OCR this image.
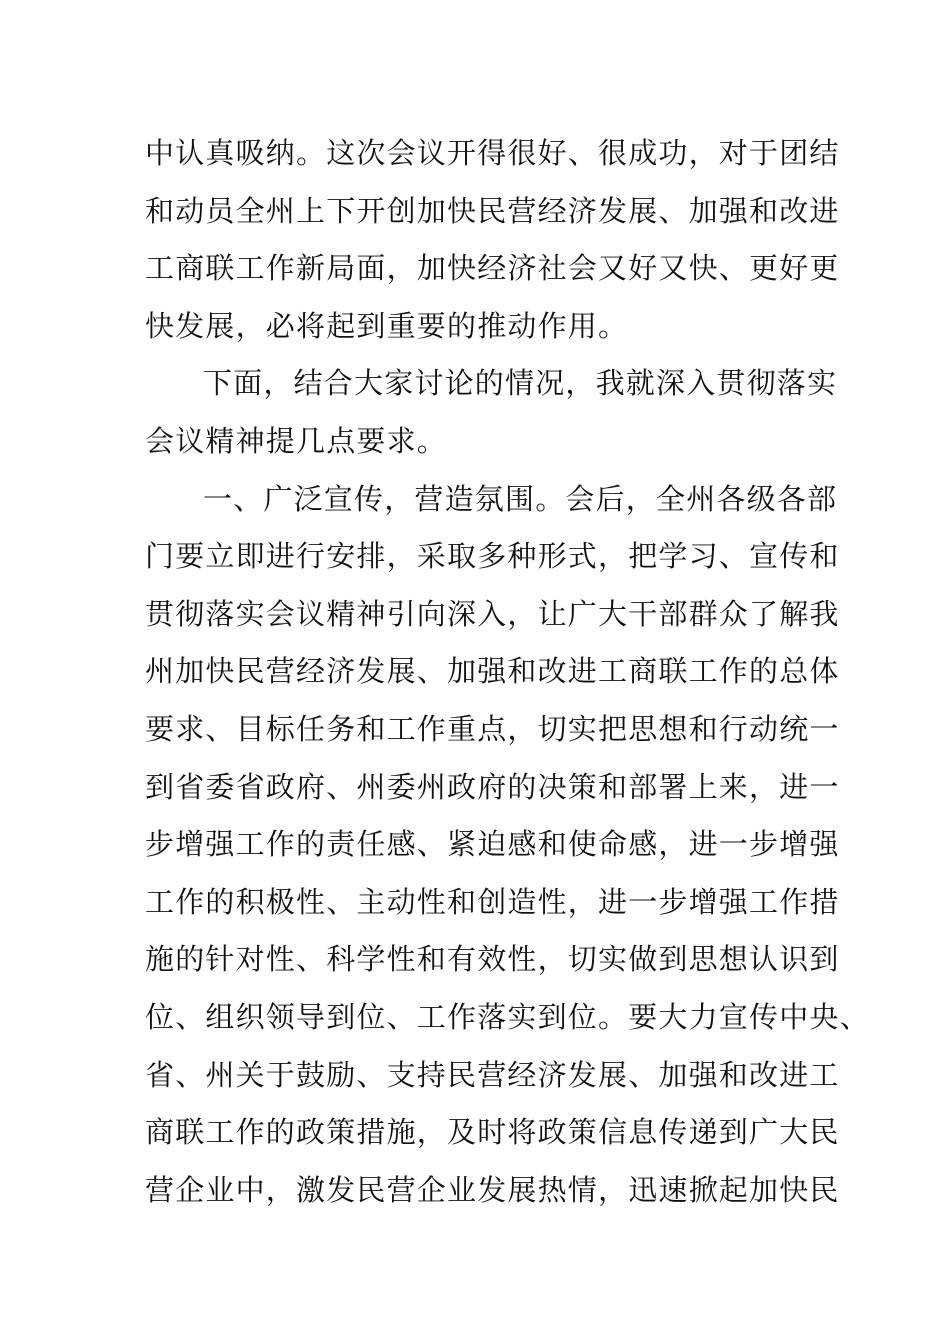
中认真吸纳。这次会议开得很好、很成功，对于团结
和动员全州上下开创加快民营经济发展、加强和改进
工商联工作新局面，加快经济社会又好又快、更好更
快发展，必将起到重要的推动作用。
下面，结合大家讨论的情况，我就深入贯彻落实
会议精神提几点要求。
一、广泛宣传，营造氛围。会后，全州各级各部
门要立即进行安排，采取多种形式，把学习、宣传和
贯彻落实会议精神引向深入，让广大干部群众了解我
州加快民营经济发展、加强和改进工商联工作的总体
要求、目标任务和工作重点，切实把思想和行动统一
到省委省政府、州委州政府的决策和部署上来，进一
步增强工作的责任感、紧迫感和使命感，进一步增强
工作的积极性、主动性和创造性，进一步增强工作措
施的针对性、科学性和有效性，切实做到思想认识到
位、组织领导到位、工作落实到位。要大力宣传中央、
省、州关于鼓励、支持民营经济发展、加强和改进工
商联工作的政策措施，及时将政策信息传递到广大民
营企业中，激发民营企业发展热情，迅速掀起加快民
